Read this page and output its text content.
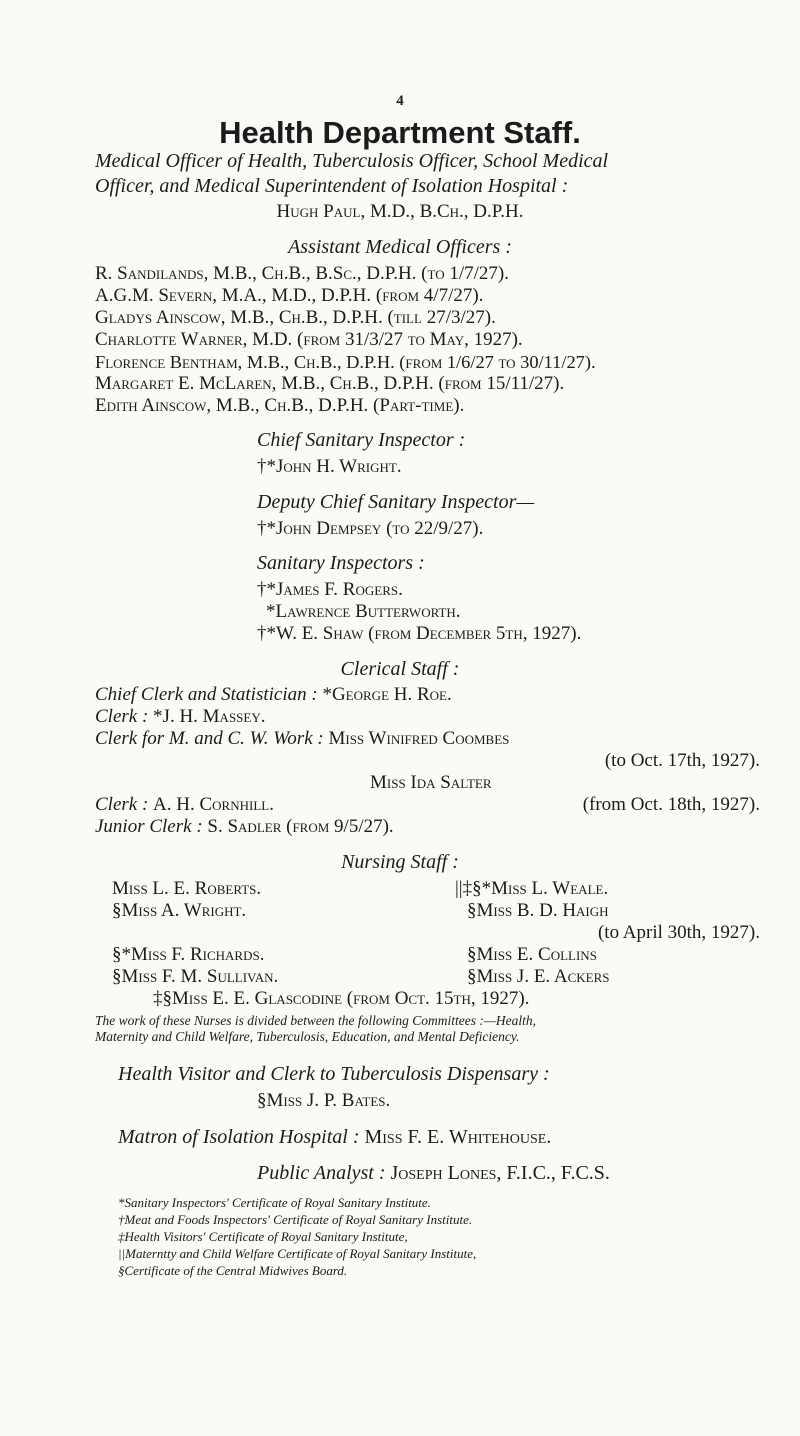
4
Health Department Staff.
Medical Officer of Health, Tuberculosis Officer, School Medical
Officer, and Medical Superintendent of Isolation Hospital :
Hugh Paul, M.D., B.Ch., D.P.H.
Assistant Medical Officers :
R. Sandilands, M.B., Ch.B., B.Sc., D.P.H. (to 1/7/27).
A.G.M. Severn, M.A., M.D., D.P.H. (from 4/7/27).
Gladys Ainscow, M.B., Ch.B., D.P.H. (till 27/3/27).
Charlotte Warner, M.D. (from 31/3/27 to May, 1927).
Florence Bentham, M.B., Ch.B., D.P.H. (from 1/6/27 to 30/11/27).
Margaret E. McLaren, M.B., Ch.B., D.P.H. (from 15/11/27).
Edith Ainscow, M.B., Ch.B., D.P.H. (Part-time).
Chief Sanitary Inspector :
†*John H. Wright.
Deputy Chief Sanitary Inspector—
†*John Dempsey (to 22/9/27).
Sanitary Inspectors :
†*James F. Rogers.
*Lawrence Butterworth.
†*W. E. Shaw (from December 5th, 1927).
Clerical Staff :
Chief Clerk and Statistician : *George H. Roe.
Clerk : *J. H. Massey.
Clerk for M. and C. W. Work : Miss Winifred Coombes
(to Oct. 17th, 1927).
Miss Ida Salter
Clerk : A. H. Cornhill.	(from Oct. 18th, 1927).
Junior Clerk : S. Sadler (from 9/5/27).
Nursing Staff :
Miss L. E. Roberts.
§Miss A. Wright.
§*Miss F. Richards.
§Miss F. M. Sullivan.
||‡§*Miss L. Weale.
§Miss B. D. Haigh
(to April 30th, 1927).
§Miss E. Collins
§Miss J. E. Ackers
‡§Miss E. E. Glascodine (from Oct. 15th, 1927).
The work of these Nurses is divided between the following Committees :—Health,
Maternity and Child Welfare, Tuberculosis, Education, and Mental Deficiency.
Health Visitor and Clerk to Tuberculosis Dispensary :
§Miss J. P. Bates.
Matron of Isolation Hospital : Miss F. E. Whitehouse.
Public Analyst : Joseph Lones, F.I.C., F.C.S.
*Sanitary Inspectors' Certificate of Royal Sanitary Institute.
†Meat and Foods Inspectors' Certificate of Royal Sanitary Institute.
‡Health Visitors' Certificate of Royal Sanitary Institute,
||Materntty and Child Welfare Certificate of Royal Sanitary Institute,
§Certificate of the Central Midwives Board.
